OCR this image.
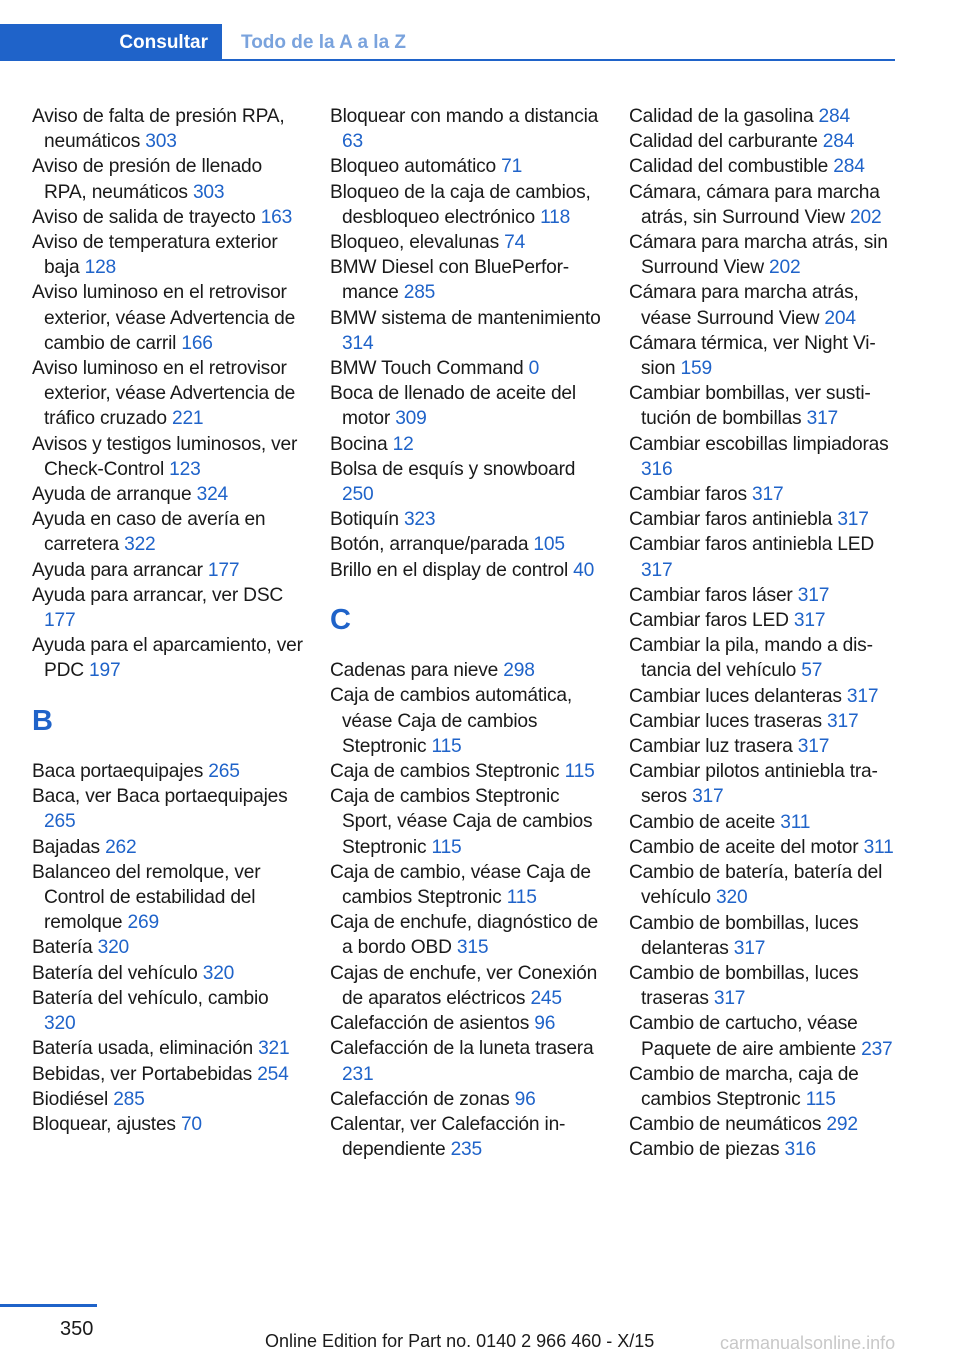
Consultar Todo de la A a la Z
Aviso de falta de presión RPA, neumáticos 303
Aviso de presión de llenado RPA, neumáticos 303
Aviso de salida de trayecto 163
Aviso de temperatura exterior baja 128
Aviso luminoso en el retrovisor exterior, véase Advertencia de cambio de carril 166
Aviso luminoso en el retrovisor exterior, véase Advertencia de tráfico cruzado 221
Avisos y testigos luminosos, ver Check-Control 123
Ayuda de arranque 324
Ayuda en caso de avería en carretera 322
Ayuda para arrancar 177
Ayuda para arrancar, ver DSC 177
Ayuda para el aparcamiento, ver PDC 197
B
Baca portaequipajes 265
Baca, ver Baca portaequipajes 265
Bajadas 262
Balanceo del remolque, ver Control de estabilidad del remolque 269
Batería 320
Batería del vehículo 320
Batería del vehículo, cambio 320
Batería usada, eliminación 321
Bebidas, ver Portabebidas 254
Biodiésel 285
Bloquear, ajustes 70
Bloquear con mando a distancia 63
Bloqueo automático 71
Bloqueo de la caja de cambios, desbloqueo electrónico 118
Bloqueo, elevalunas 74
BMW Diesel con BluePerformance 285
BMW sistema de mantenimiento 314
BMW Touch Command 0
Boca de llenado de aceite del motor 309
Bocina 12
Bolsa de esquís y snowboard 250
Botiquín 323
Botón, arranque/parada 105
Brillo en el display de control 40
C
Cadenas para nieve 298
Caja de cambios automática, véase Caja de cambios Steptronic 115
Caja de cambios Steptronic 115
Caja de cambios Steptronic Sport, véase Caja de cambios Steptronic 115
Caja de cambio, véase Caja de cambios Steptronic 115
Caja de enchufe, diagnóstico de a bordo OBD 315
Cajas de enchufe, ver Conexión de aparatos eléctricos 245
Calefacción de asientos 96
Calefacción de la luneta trasera 231
Calefacción de zonas 96
Calentar, ver Calefacción independiente 235
Calidad de la gasolina 284
Calidad del carburante 284
Calidad del combustible 284
Cámara, cámara para marcha atrás, sin Surround View 202
Cámara para marcha atrás, sin Surround View 202
Cámara para marcha atrás, véase Surround View 204
Cámara térmica, ver Night Vision 159
Cambiar bombillas, ver sustitución de bombillas 317
Cambiar escobillas limpiadoras 316
Cambiar faros 317
Cambiar faros antiniebla 317
Cambiar faros antiniebla LED 317
Cambiar faros láser 317
Cambiar faros LED 317
Cambiar la pila, mando a distancia del vehículo 57
Cambiar luces delanteras 317
Cambiar luces traseras 317
Cambiar luz trasera 317
Cambiar pilotos antiniebla traseros 317
Cambio de aceite 311
Cambio de aceite del motor 311
Cambio de batería, batería del vehículo 320
Cambio de bombillas, luces delanteras 317
Cambio de bombillas, luces traseras 317
Cambio de cartucho, véase Paquete de aire ambiente 237
Cambio de marcha, caja de cambios Steptronic 115
Cambio de neumáticos 292
Cambio de piezas 316
350
Online Edition for Part no. 0140 2 966 460 - X/15	carmanualsonline.info
